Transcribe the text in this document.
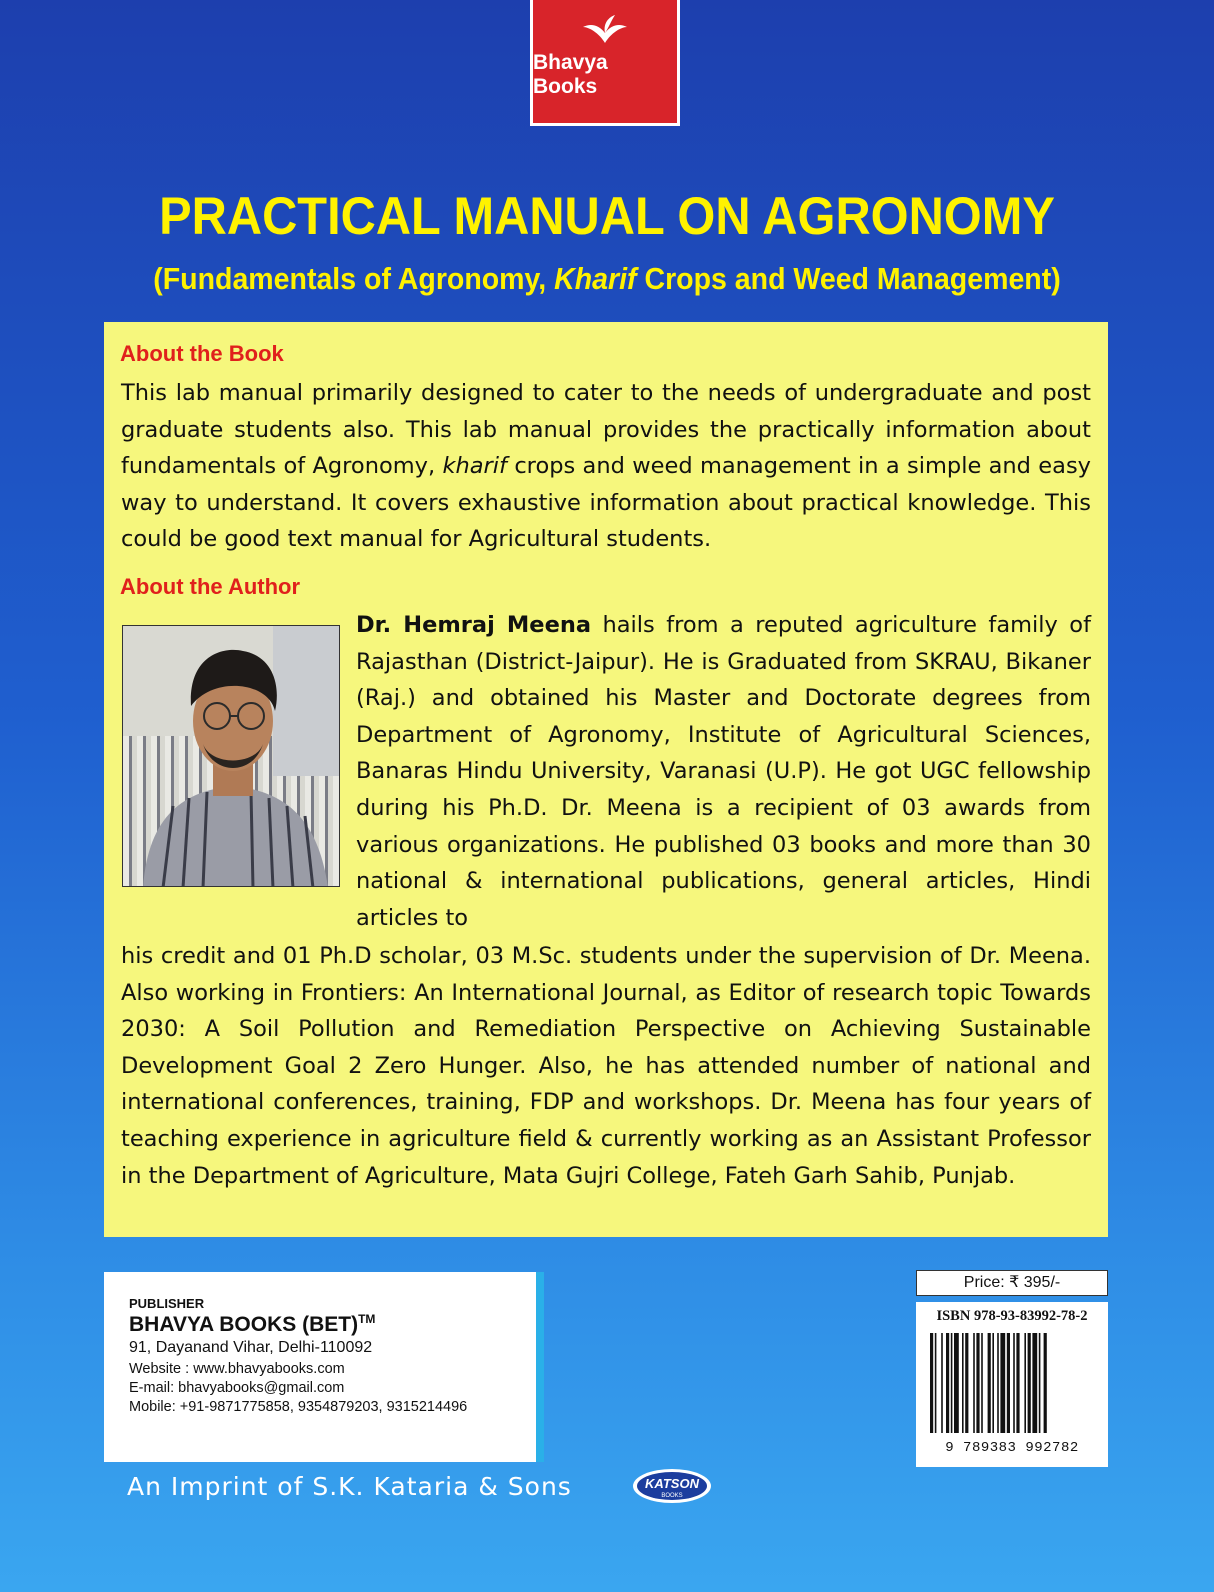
Bhavya Books
PRACTICAL MANUAL ON AGRONOMY
(Fundamentals of Agronomy, Kharif Crops and Weed Management)
About the Book
This lab manual primarily designed to cater to the needs of undergraduate and post graduate students also. This lab manual provides the practically information about fundamentals of Agronomy, kharif crops and weed management in a simple and easy way to understand. It covers exhaustive information about practical knowledge. This could be good text manual for Agricultural students.
About the Author
Dr. Hemraj Meena hails from a reputed agriculture family of Rajasthan (District-Jaipur). He is Graduated from SKRAU, Bikaner (Raj.) and obtained his Master and Doctorate degrees from Department of Agronomy, Institute of Agricultural Sciences, Banaras Hindu University, Varanasi (U.P). He got UGC fellowship during his Ph.D. Dr. Meena is a recipient of 03 awards from various organizations. He published 03 books and more than 30 national & international publications, general articles, Hindi articles to
his credit and 01 Ph.D scholar, 03 M.Sc. students under the supervision of Dr. Meena. Also working in Frontiers: An International Journal, as Editor of research topic Towards 2030: A Soil Pollution and Remediation Perspective on Achieving Sustainable Development Goal 2 Zero Hunger. Also, he has attended number of national and international conferences, training, FDP and workshops. Dr. Meena has four years of teaching experience in agriculture field & currently working as an Assistant Professor in the Department of Agriculture, Mata Gujri College, Fateh Garh Sahib, Punjab.
PUBLISHER
BHAVYA BOOKS (BET)™
91, Dayanand Vihar, Delhi-110092
Website : www.bhavyabooks.com
E-mail: bhavyabooks@gmail.com
Mobile: +91-9871775858, 9354879203, 9315214496
Price: ₹ 395/-
ISBN 978-93-83992-78-2
9 789383 992782
An Imprint of S.K. Kataria & Sons	KATSON
BOOKS
